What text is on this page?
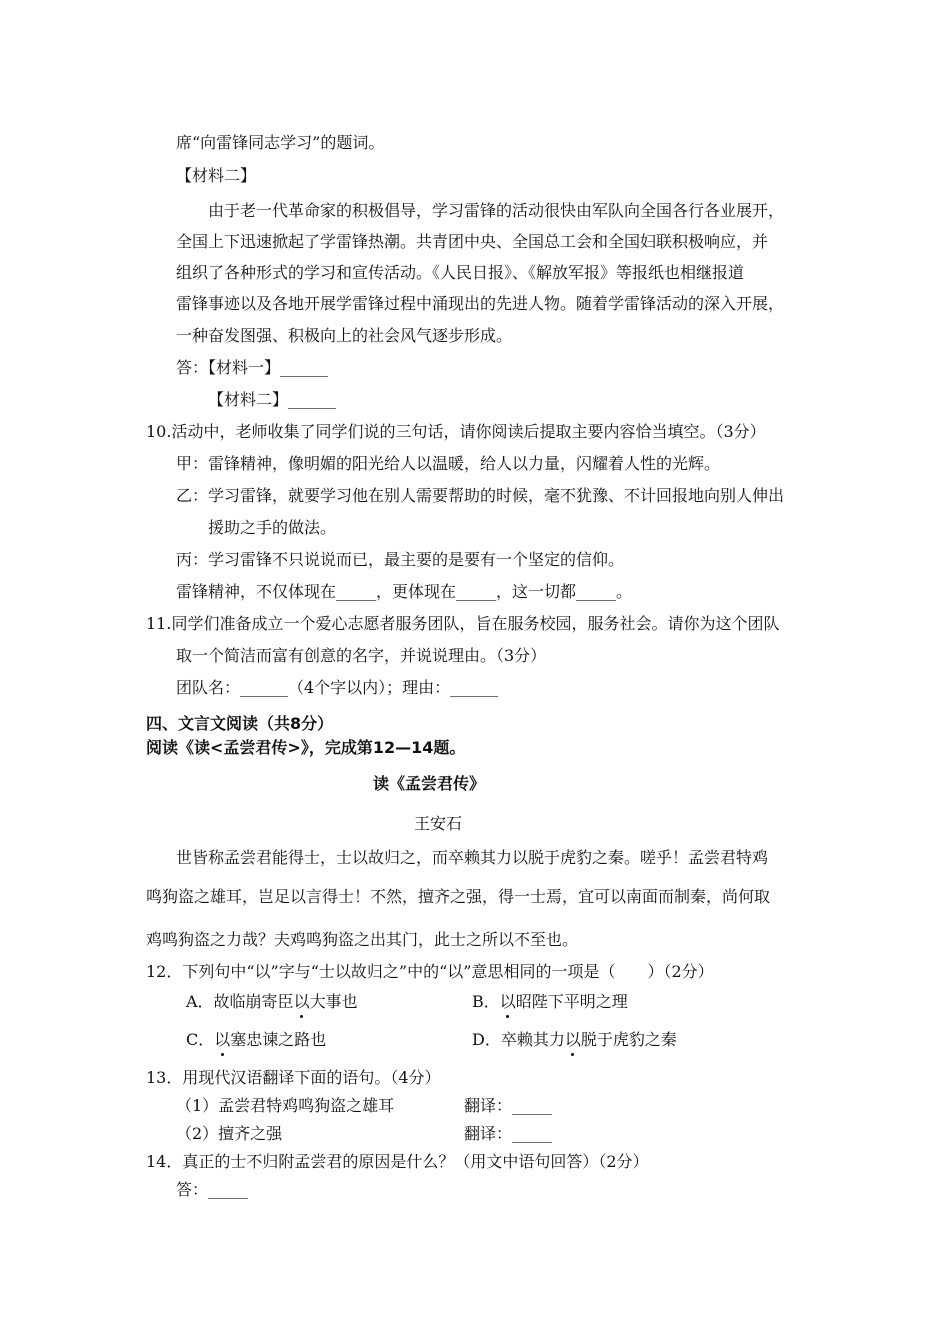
席“向雷锋同志学习”的题词。
【材料二】
由于老一代革命家的积极倡导，学习雷锋的活动很快由军队向全国各行各业展开，
全国上下迅速掀起了学雷锋热潮。共青团中央、全国总工会和全国妇联积极响应，并
组织了各种形式的学习和宣传活动。《人民日报》、《解放军报》等报纸也相继报道
雷锋事迹以及各地开展学雷锋过程中涌现出的先进人物。随着学雷锋活动的深入开展，
一种奋发图强、积极向上的社会风气逐步形成。
答：【材料一】______
【材料二】______
10.活动中，老师收集了同学们说的三句话，请你阅读后提取主要内容恰当填空。（3分）
甲：雷锋精神，像明媚的阳光给人以温暖，给人以力量，闪耀着人性的光辉。
乙：学习雷锋，就要学习他在别人需要帮助的时候，毫不犹豫、不计回报地向别人伸出
援助之手的做法。
丙：学习雷锋不只说说而已，最主要的是要有一个坚定的信仰。
雷锋精神，不仅体现在_____，更体现在_____，这一切都_____。
11.同学们准备成立一个爱心志愿者服务团队，旨在服务校园，服务社会。请你为这个团队
取一个简洁而富有创意的名字，并说说理由。（3分）
团队名：______（4个字以内）；理由：______
四、文言文阅读（共8分）
阅读《读<孟尝君传>》，完成第12—14题。
读《孟尝君传》
王安石
世皆称孟尝君能得士，士以故归之，而卒赖其力以脱于虎豹之秦。嗟乎！孟尝君特鸡
鸣狗盗之雄耳，岂足以言得士！不然，擅齐之强，得一士焉，宜可以南面而制秦，尚何取
鸡鸣狗盗之力哉？夫鸡鸣狗盗之出其门，此士之所以不至也。
12．下列句中“以”字与“士以故归之”中的“以”意思相同的一项是（　　）（2分）
A．故临崩寄臣以大事也	B．以昭陛下平明之理
C．以塞忠谏之路也	D．卒赖其力以脱于虎豹之秦
13．用现代汉语翻译下面的语句。（4分）
（1）孟尝君特鸡鸣狗盗之雄耳	翻译：_____
（2）擅齐之强	翻译：_____
14．真正的士不归附孟尝君的原因是什么？（用文中语句回答）（2分）
答：_____
